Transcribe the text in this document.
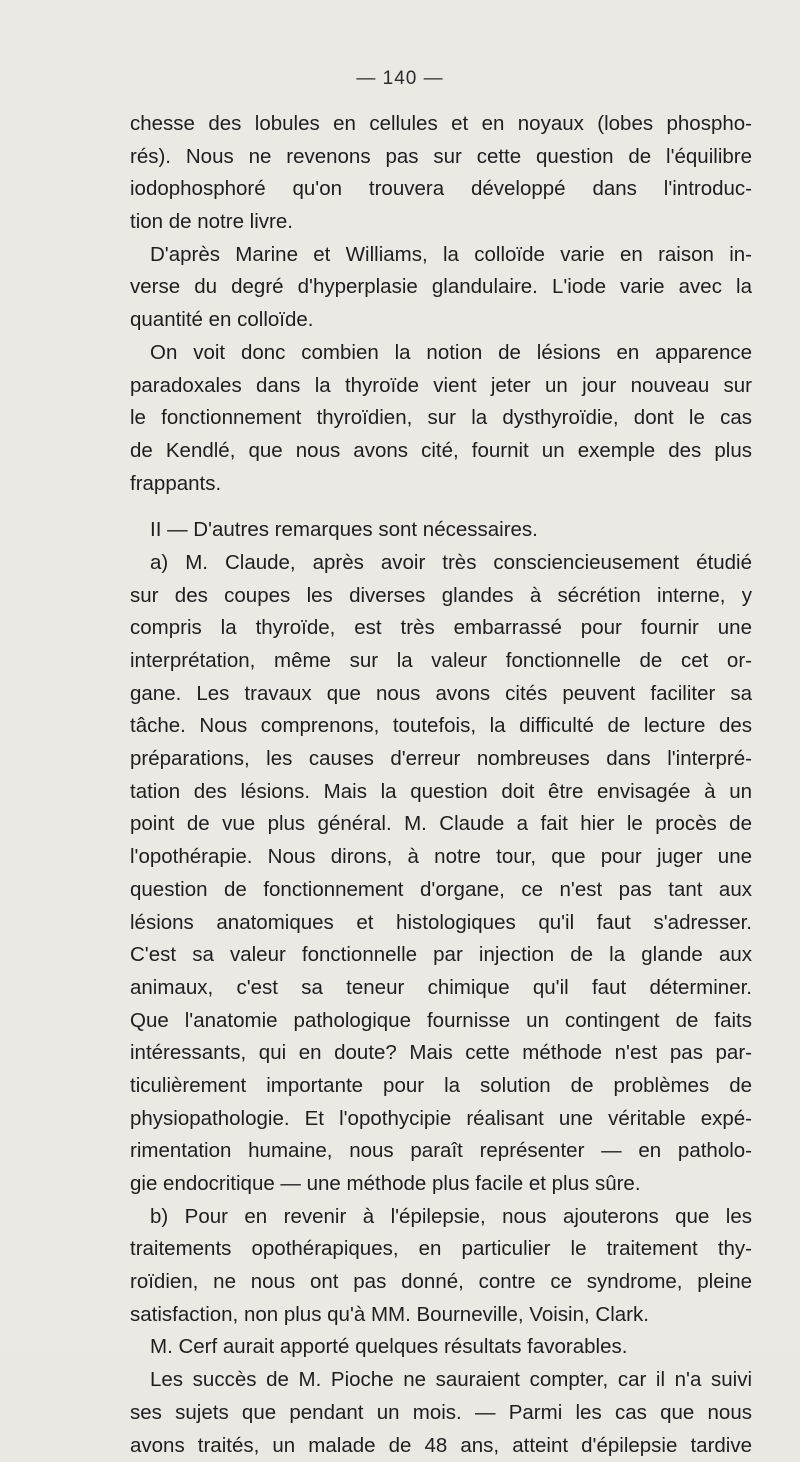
— 140 —
chesse des lobules en cellules et en noyaux (lobes phospho-
rés). Nous ne revenons pas sur cette question de l'équilibre
iodophosphoré qu'on trouvera développé dans l'introduc-
tion de notre livre.
D'après Marine et Williams, la colloïde varie en raison in-
verse du degré d'hyperplasie glandulaire. L'iode varie avec la
quantité en colloïde.
On voit donc combien la notion de lésions en apparence
paradoxales dans la thyroïde vient jeter un jour nouveau sur
le fonctionnement thyroïdien, sur la dysthyroïdie, dont le cas
de Kendlé, que nous avons cité, fournit un exemple des plus
frappants.
II — D'autres remarques sont nécessaires.
a) M. Claude, après avoir très consciencieusement étudié
sur des coupes les diverses glandes à sécrétion interne, y
compris la thyroïde, est très embarrassé pour fournir une
interprétation, même sur la valeur fonctionnelle de cet or-
gane. Les travaux que nous avons cités peuvent faciliter sa
tâche. Nous comprenons, toutefois, la difficulté de lecture des
préparations, les causes d'erreur nombreuses dans l'interpré-
tation des lésions. Mais la question doit être envisagée à un
point de vue plus général. M. Claude a fait hier le procès de
l'opothérapie. Nous dirons, à notre tour, que pour juger une
question de fonctionnement d'organe, ce n'est pas tant aux
lésions anatomiques et histologiques qu'il faut s'adresser.
C'est sa valeur fonctionnelle par injection de la glande aux
animaux, c'est sa teneur chimique qu'il faut déterminer.
Que l'anatomie pathologique fournisse un contingent de faits
intéressants, qui en doute? Mais cette méthode n'est pas par-
ticulièrement importante pour la solution de problèmes de
physiopathologie. Et l'opothycipie réalisant une véritable expé-
rimentation humaine, nous paraît représenter — en patholo-
gie endocritique — une méthode plus facile et plus sûre.
b) Pour en revenir à l'épilepsie, nous ajouterons que les
traitements opothérapiques, en particulier le traitement thy-
roïdien, ne nous ont pas donné, contre ce syndrome, pleine
satisfaction, non plus qu'à MM. Bourneville, Voisin, Clark.
M. Cerf aurait apporté quelques résultats favorables.
Les succès de M. Pioche ne sauraient compter, car il n'a suivi
ses sujets que pendant un mois. — Parmi les cas que nous
avons traités, un malade de 48 ans, atteint d'épilepsie tardive
